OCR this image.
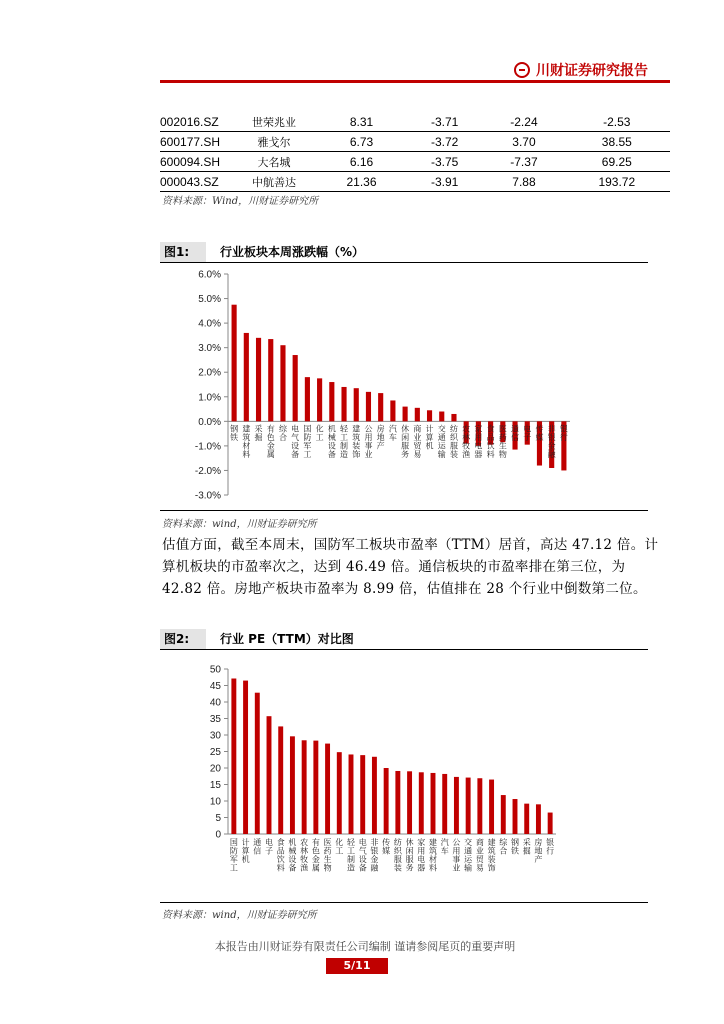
川财证券研究报告
002016.SZ	世荣兆业	8.31	-3.71	-2.24	-2.53
600177.SH	雅戈尔	6.73	-3.72	3.70	38.55
600094.SH	大名城	6.16	-3.75	-7.37	69.25
000043.SZ	中航善达	21.36	-3.91	7.88	193.72
资料来源：Wind，川财证券研究所
图1:	行业板块本周涨跌幅（%）
6.0%
5.0%
4.0%
3.0%
2.0%
1.0%
0.0%
-1.0%
-2.0%
-3.0%
钢
铁
建
筑
材
料
采
掘
有
色
金
属
综
合
电
气
设
备
国
防
军
工
化
工
机
械
设
备
轻
工
制
造
建
筑
装
饰
公
用
事
业
房
地
产
汽
车
休
闲
服
务
商
业
贸
易
计
算
机
交
通
运
输
纺
织
服
装
农
林
牧
渔
家
用
电
器
食
品
饮
料
医
药
生
物
通
信
电
子
传
媒
非
银
金
融
银
行
资料来源：wind，川财证券研究所
估值方面，截至本周末，国防军工板块市盈率（TTM）居首，高达 47.12 倍。计算机板块的市盈率次之，达到 46.49 倍。通信板块的市盈率排在第三位，为 42.82 倍。房地产板块市盈率为 8.99 倍，估值排在 28 个行业中倒数第二位。
图2:	行业 PE（TTM）对比图
50
45
40
35
30
25
20
15
10
5
0
国
防
军
工
计
算
机
通
信
电
子
食
品
饮
料
机
械
设
备
农
林
牧
渔
有
色
金
属
医
药
生
物
化
工
轻
工
制
造
电
气
设
备
非
银
金
融
传
媒
纺
织
服
装
休
闲
服
务
家
用
电
器
建
筑
材
料
汽
车
公
用
事
业
交
通
运
输
商
业
贸
易
建
筑
装
饰
综
合
钢
铁
采
掘
房
地
产
银
行
资料来源：wind，川财证券研究所
本报告由川财证券有限责任公司编制 谨请参阅尾页的重要声明
5/11
